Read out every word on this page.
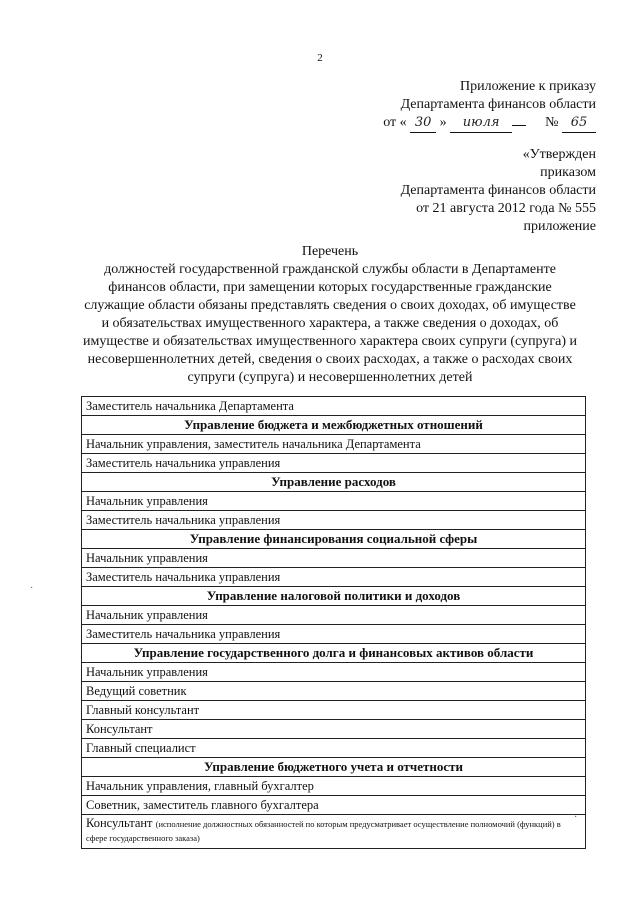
2
Приложение к приказу
Департамента финансов области
от « 30 » июля	№ 65
«Утвержден
приказом
Департамента финансов области
от 21 августа 2012 года № 555
приложение
Перечень
должностей государственной гражданской службы области в Департаменте финансов области, при замещении которых государственные гражданские служащие области обязаны представлять сведения о своих доходах, об имуществе и обязательствах имущественного характера, а также сведения о доходах, об имуществе и обязательствах имущественного характера своих супруги (супруга) и несовершеннолетних детей, сведения о своих расходах, а также о расходах своих супруги (супруга) и несовершеннолетних детей
Заместитель начальника Департамента
Управление бюджета и межбюджетных отношений
Начальник управления, заместитель начальника Департамента
Заместитель начальника управления
Управление расходов
Начальник управления
Заместитель начальника управления
Управление финансирования социальной сферы
Начальник управления
Заместитель начальника управления
Управление налоговой политики и доходов
Начальник управления
Заместитель начальника управления
Управление государственного долга и финансовых активов области
Начальник управления
Ведущий советник
Главный консультант
Консультант
Главный специалист
Управление бюджетного учета и отчетности
Начальник управления, главный бухгалтер
Советник, заместитель главного бухгалтера
Консультант (исполнение должностных обязанностей по которым предусматривает осуществление полномочий (функций) в сфере государственного заказа)
·
·
